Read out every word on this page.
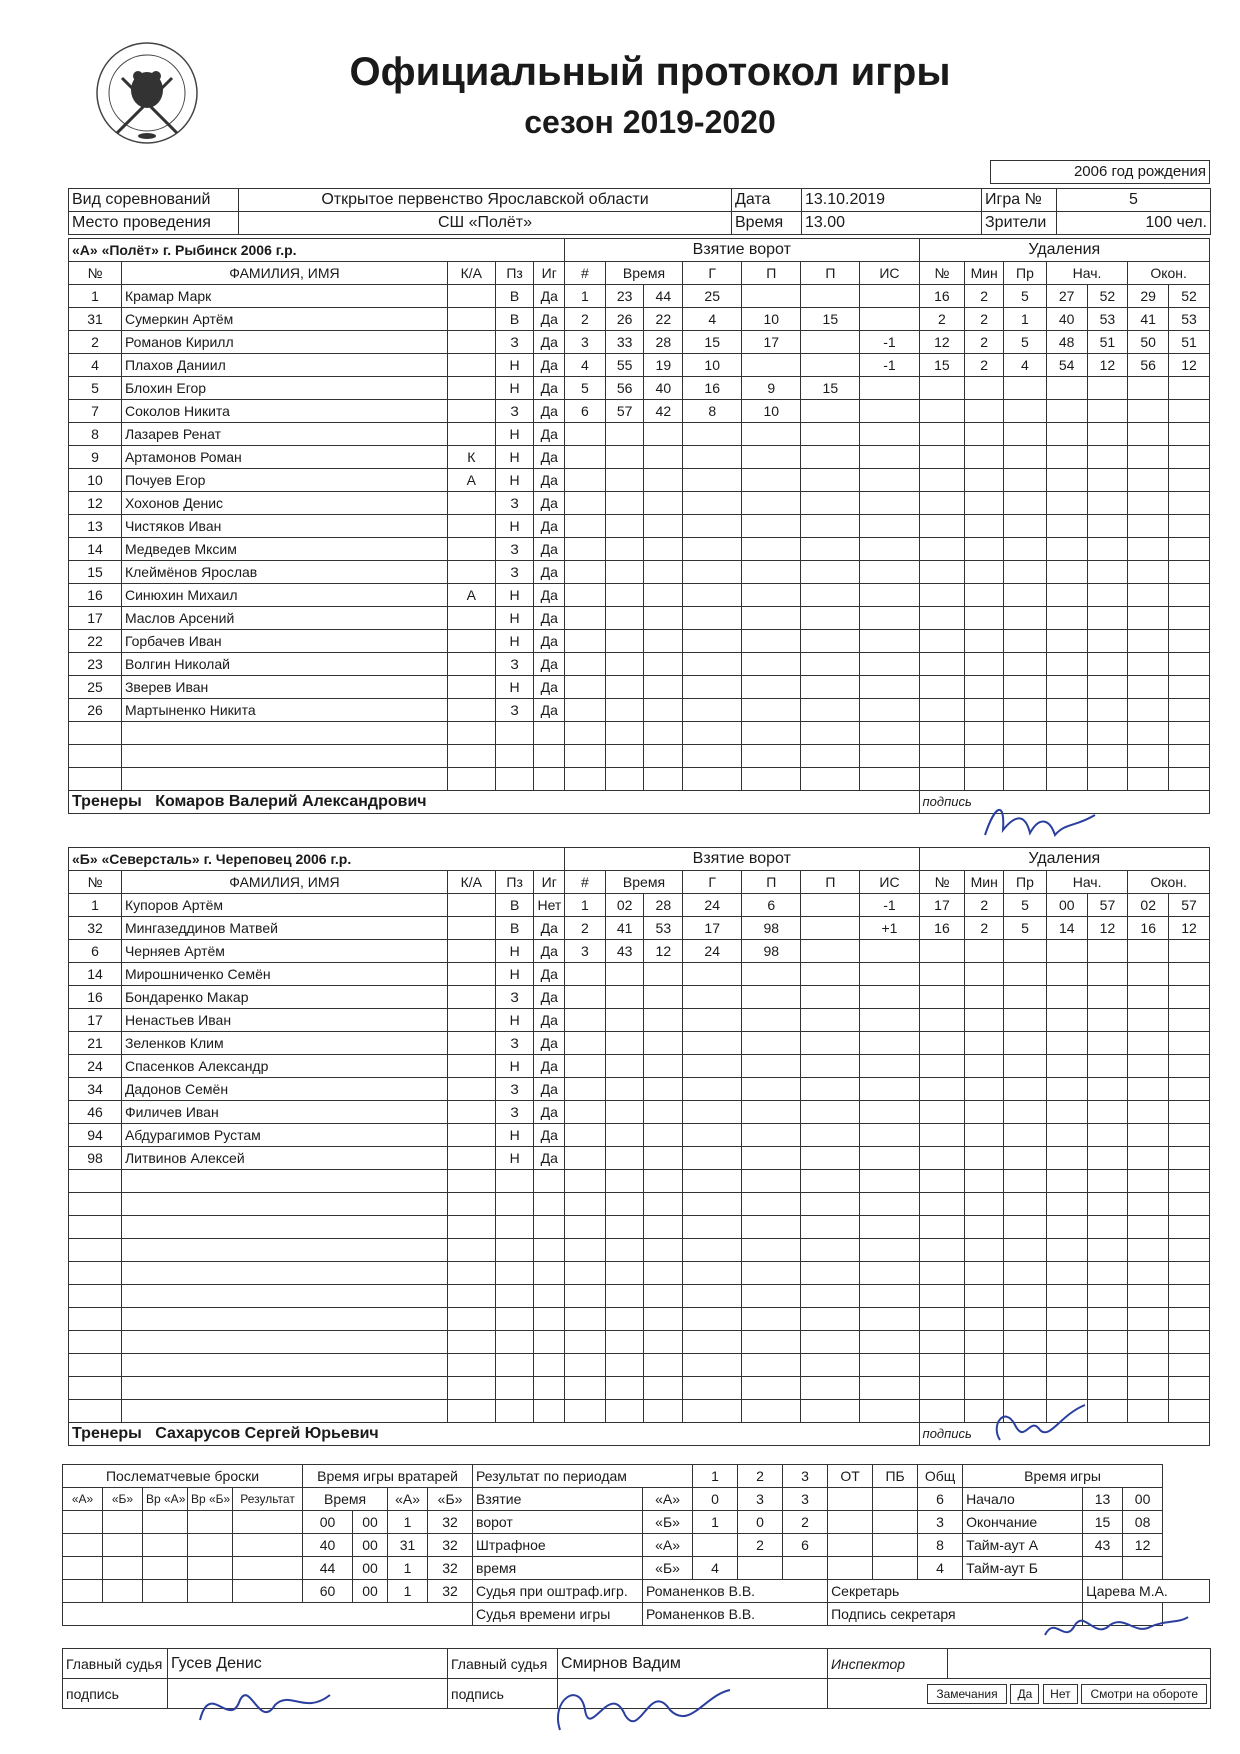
Официальный протокол игры
сезон 2019-2020
2006 год рождения
Вид соревнований	Открытое первенство Ярославской области	Дата	13.10.2019	Игра №	5
Место проведения	СШ «Полёт»	Время	13.00	Зрители	100 чел.
«А» «Полёт» г. Рыбинск 2006 г.р.					Взятие ворот							Удаления						
№	ФАМИЛИЯ, ИМЯ	К/А	Пз	Иг	#	Время		Г	П	П	ИС	№	Мин	Пр	Нач.		Окон.	
1	Крамар Марк		В	Да	1	23	44	25				16	2	5	27	52	29	52
31	Сумеркин Артём		В	Да	2	26	22	4	10	15		2	2	1	40	53	41	53
2	Романов Кирилл		З	Да	3	33	28	15	17		-1	12	2	5	48	51	50	51
4	Плахов Даниил		Н	Да	4	55	19	10			-1	15	2	4	54	12	56	12
5	Блохин Егор		Н	Да	5	56	40	16	9	15								
7	Соколов Никита		З	Да	6	57	42	8	10									
8	Лазарев Ренат		Н	Да														
9	Артамонов Роман	К	Н	Да														
10	Почуев Егор	А	Н	Да														
12	Хохонов Денис		З	Да														
13	Чистяков Иван		Н	Да														
14	Медведев Мксим		З	Да														
15	Клеймёнов Ярослав		З	Да														
16	Синюхин Михаил	А	Н	Да														
17	Маслов Арсений		Н	Да														
22	Горбачев Иван		Н	Да														
23	Волгин Николай		З	Да														
25	Зверев Иван		Н	Да														
26	Мартыненко Никита		З	Да														

Тренеры Комаров Валерий Александрович												подпись						
«Б» «Северсталь» г. Череповец 2006 г.р.					Взятие ворот							Удаления						
№	ФАМИЛИЯ, ИМЯ	К/А	Пз	Иг	#	Время		Г	П	П	ИС	№	Мин	Пр	Нач.		Окон.	
1	Купоров Артём		В	Нет	1	02	28	24	6		-1	17	2	5	00	57	02	57
32	Мингазеддинов Матвей		В	Да	2	41	53	17	98		+1	16	2	5	14	12	16	12
6	Черняев Артём		Н	Да	3	43	12	24	98									
14	Мирошниченко Семён		Н	Да														
16	Бондаренко Макар		З	Да														
17	Ненастьев Иван		Н	Да														
21	Зеленков Клим		З	Да														
24	Спасенков Александр		Н	Да														
34	Дадонов Семён		З	Да														
46	Филичев Иван		З	Да														
94	Абдурагимов Рустам		Н	Да														
98	Литвинов Алексей		Н	Да														

Тренеры Сахарусов Сергей Юрьевич												подпись						
Послематчевые броски					Время игры вратарей				Результат по периодам		1	2	3	ОТ	ПБ	Общ	Время игры		
«А»	«Б»	Вр «А»	Вр «Б»	Результат	Время		«А»	«Б»	Взятие	«А»	0	3	3			6	Начало	13	00
					00	00	1	32	ворот	«Б»	1	0	2			3	Окончание	15	08
					40	00	31	32	Штрафное	«А»		2	6			8	Тайм-аут А	43	12
					44	00	1	32	время	«Б»	4					4	Тайм-аут Б		
					60	00	1	32	Судья при оштраф.игр.	Романенков В.В.				Секретарь				Царева М.А.	
									Судья времени игры	Романенков В.В.				Подпись секретаря					
Главный судья	Гусев Денис	Главный судья	Смирнов Вадим	Инспектор	
подпись		подпись		Замечания Да Нет Смотри на обороте	
